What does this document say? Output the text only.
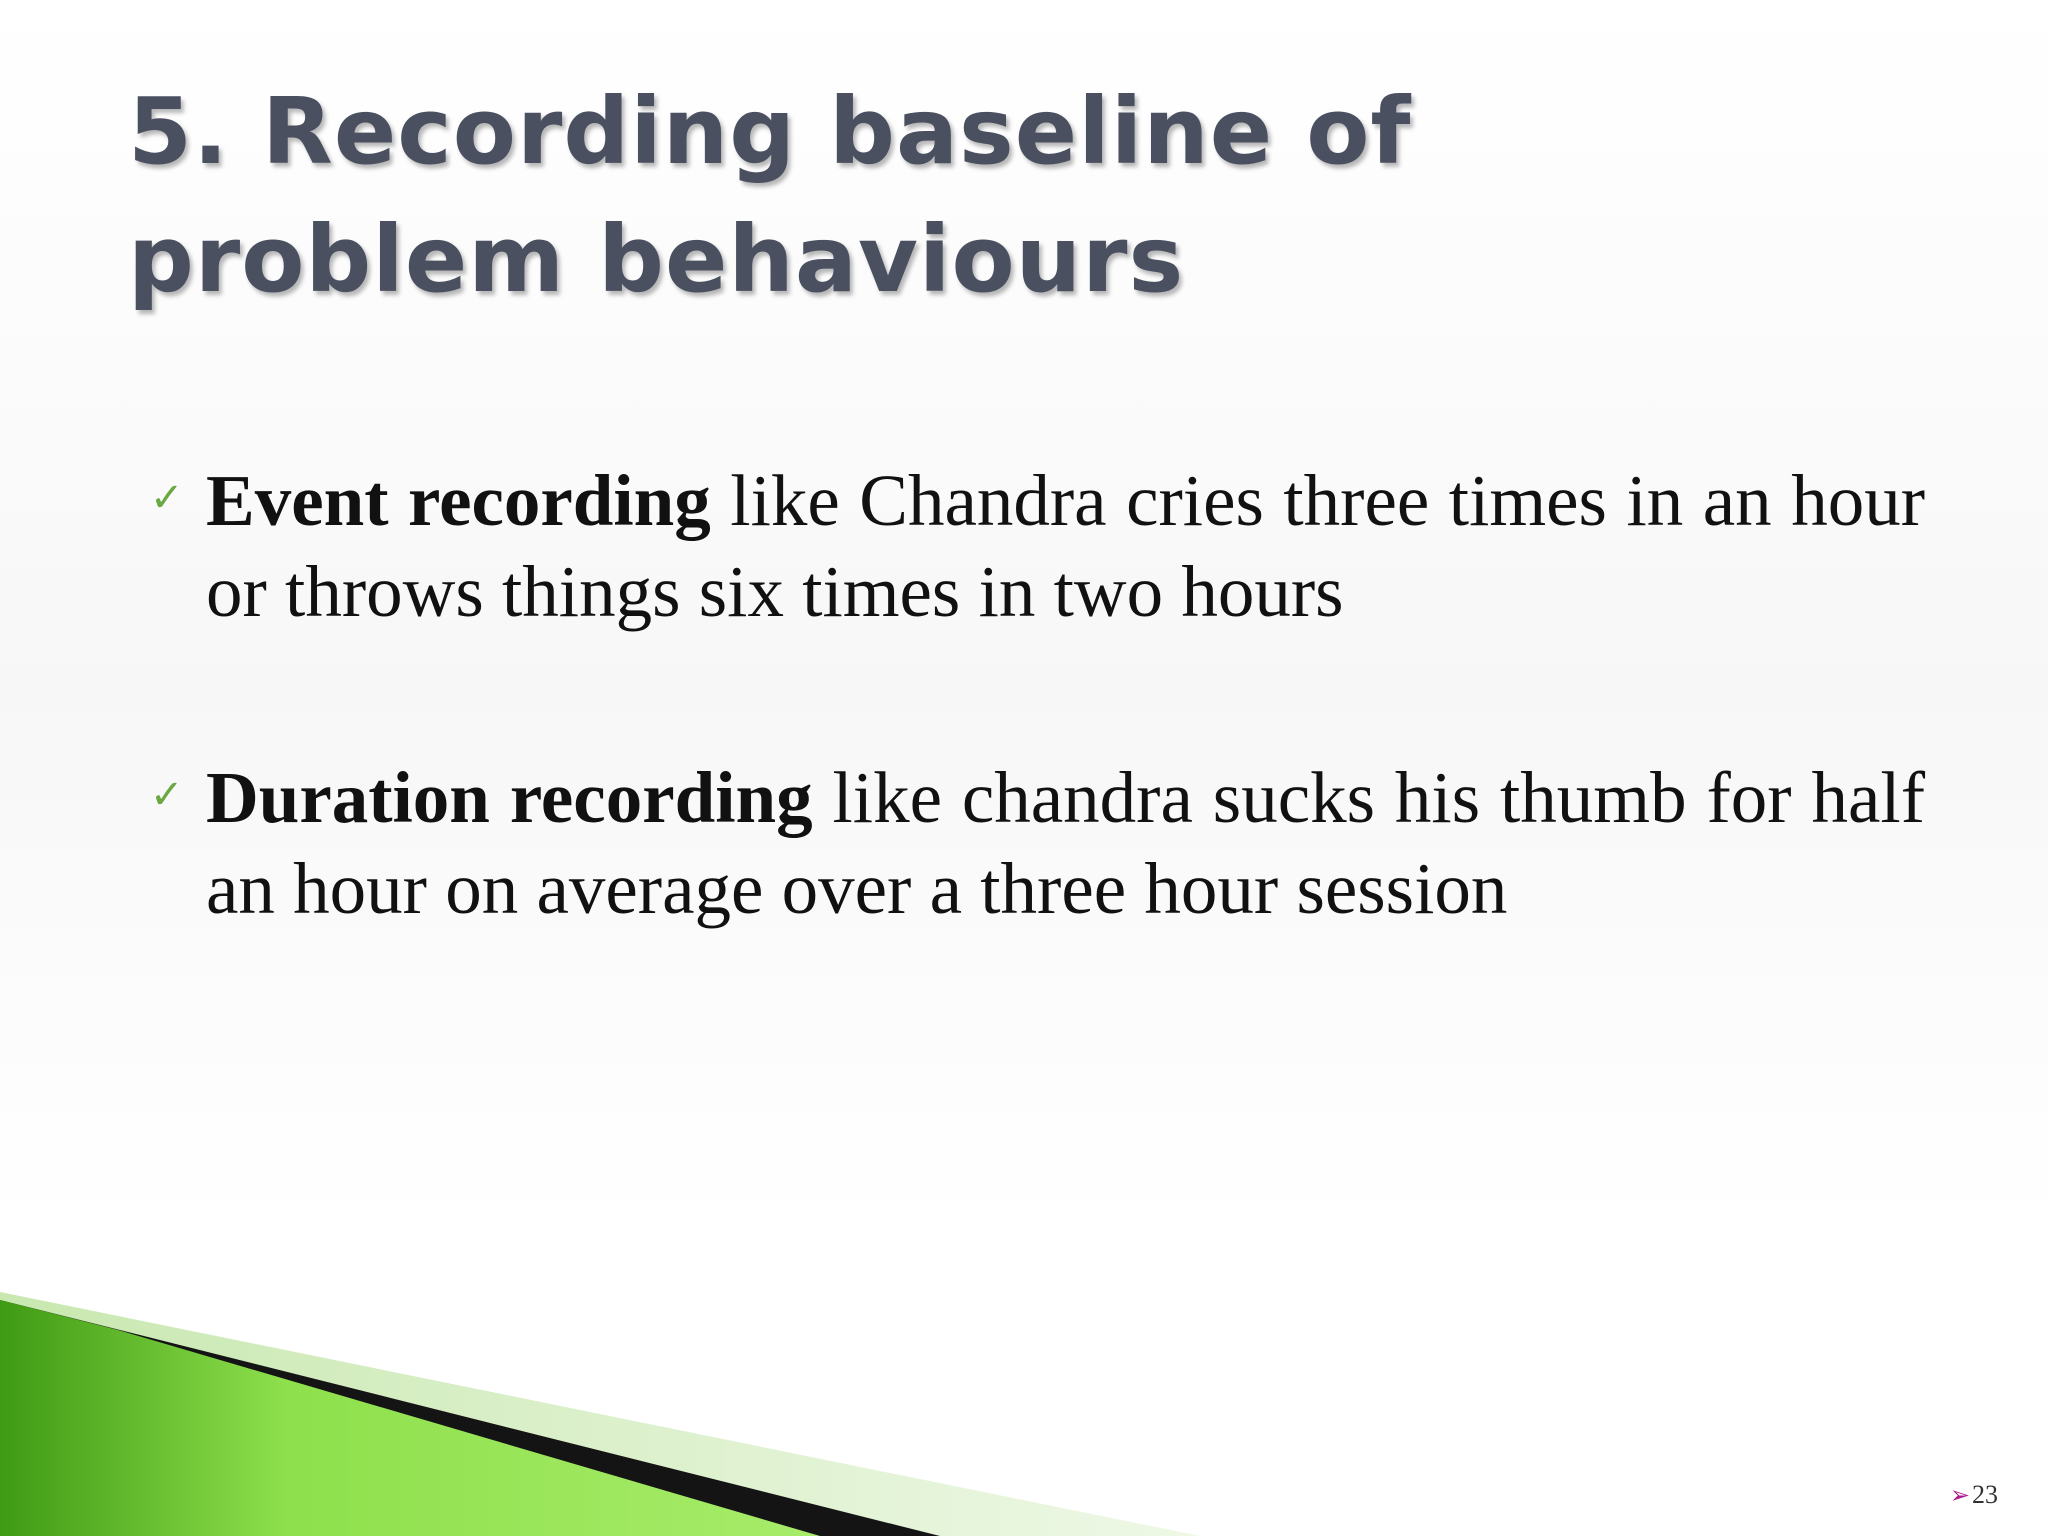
5. Recording baseline of problem behaviours
✓ Event recording like Chandra cries three times in an hour or throws things six times in two hours
✓ Duration recording like chandra sucks his thumb for half an hour on average over a three hour session
➢23
